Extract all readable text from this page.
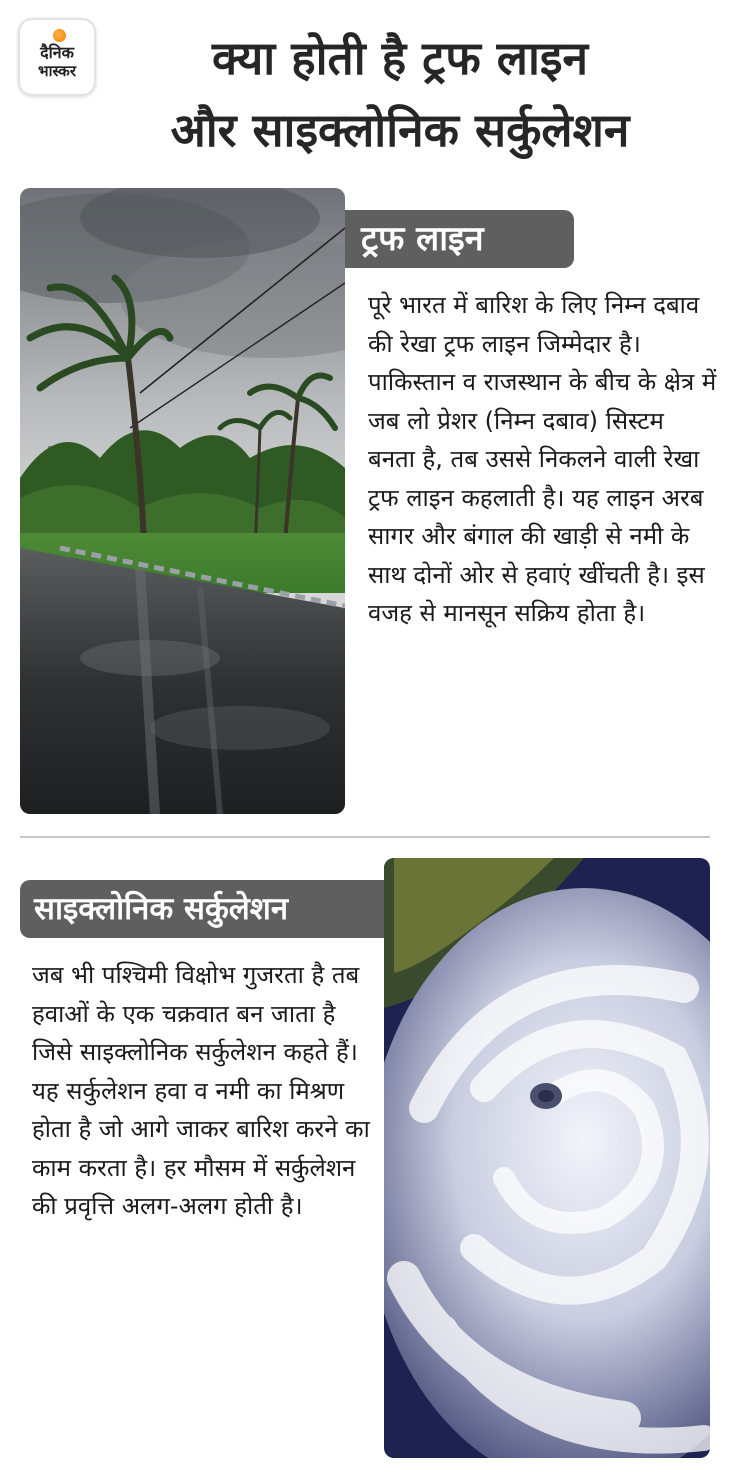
दैनिक
भास्कर	क्या होती है ट्रफ लाइन
और साइक्लोनिक सर्कुलेशन
ट्रफ लाइन
पूरे भारत में बारिश के लिए निम्न दबाव की रेखा ट्रफ लाइन जिम्मेदार है। पाकिस्तान व राजस्थान के बीच के क्षेत्र में जब लो प्रेशर (निम्न दबाव) सिस्टम बनता है, तब उससे निकलने वाली रेखा ट्रफ लाइन कहलाती है। यह लाइन अरब सागर और बंगाल की खाड़ी से नमी के साथ दोनों ओर से हवाएं खींचती है। इस वजह से मानसून सक्रिय होता है।
साइक्लोनिक सर्कुलेशन
जब भी पश्चिमी विक्षोभ गुजरता है तब हवाओं के एक चक्रवात बन जाता है जिसे साइक्लोनिक सर्कुलेशन कहते हैं। यह सर्कुलेशन हवा व नमी का मिश्रण होता है जो आगे जाकर बारिश करने का काम करता है। हर मौसम में सर्कुलेशन की प्रवृत्ति अलग-अलग होती है।
